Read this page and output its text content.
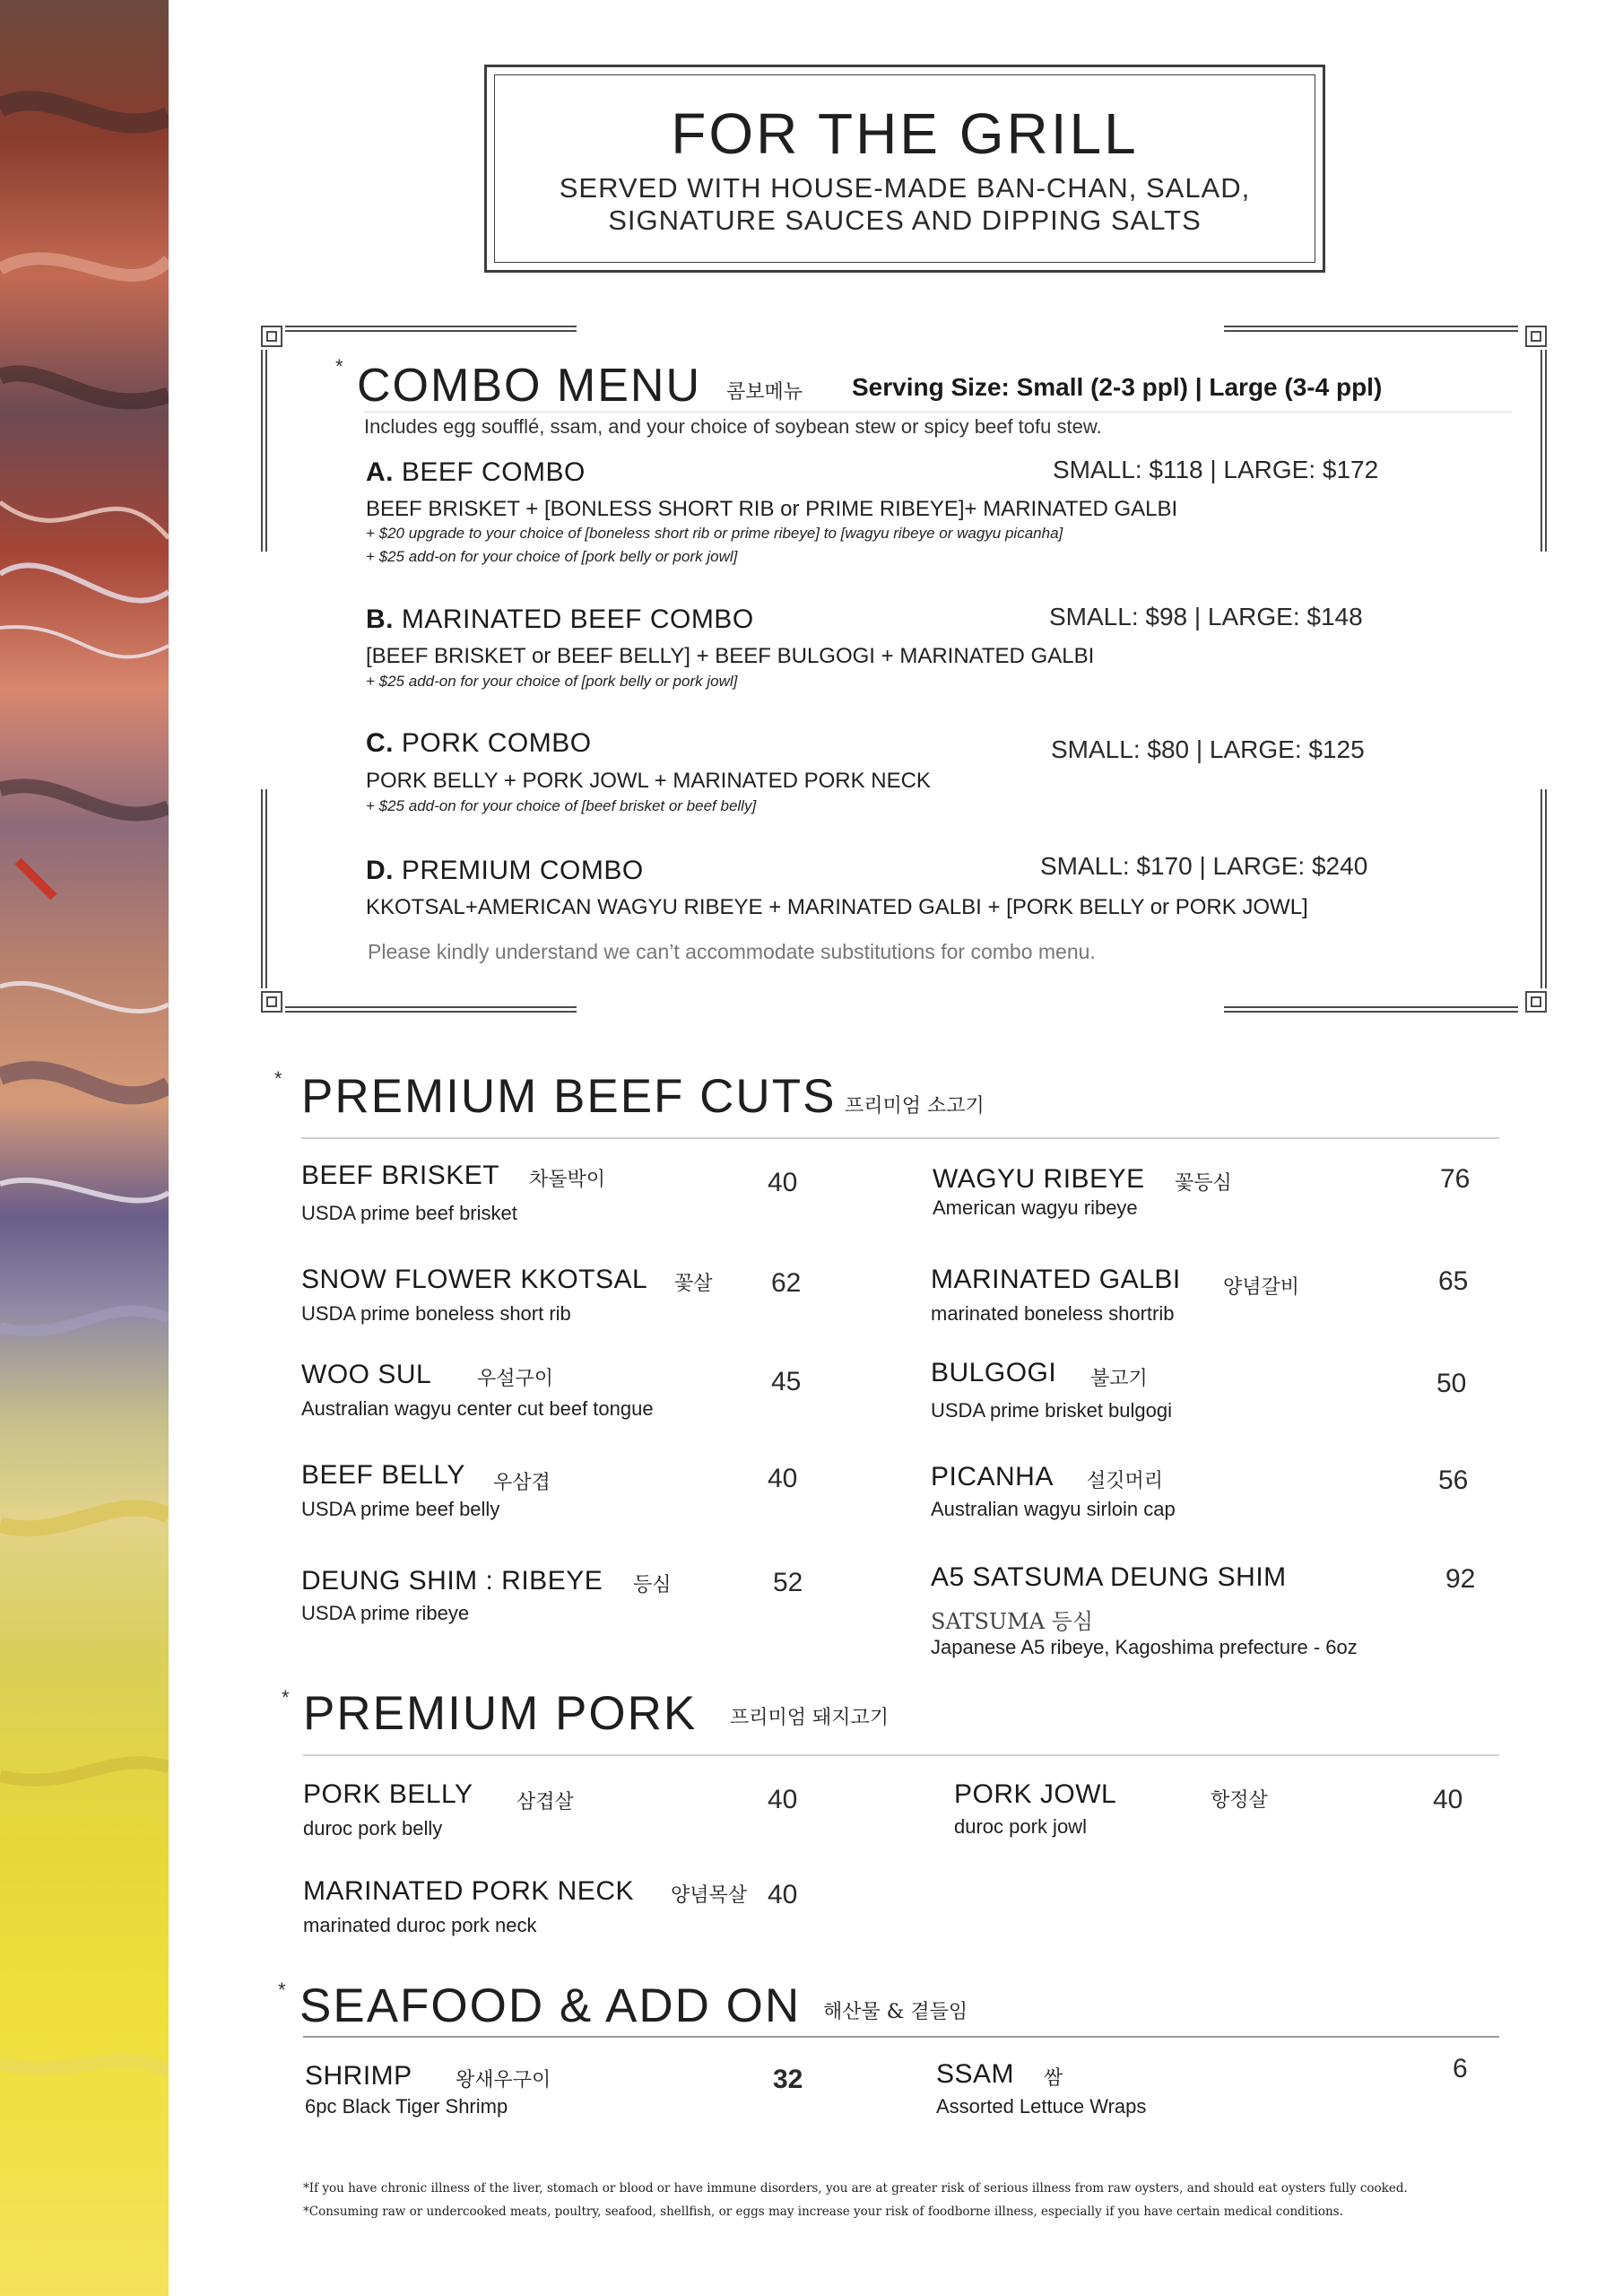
FOR THE GRILL
SERVED WITH HOUSE-MADE BAN-CHAN, SALAD,
SIGNATURE SAUCES AND DIPPING SALTS
* COMBO MENU 콤보메뉴 Serving Size: Small (2-3 ppl) | Large (3-4 ppl)
Includes egg soufflé, ssam, and your choice of soybean stew or spicy beef tofu stew.
A. BEEF COMBO	SMALL: $118 | LARGE: $172
BEEF BRISKET + [BONLESS SHORT RIB or PRIME RIBEYE]+ MARINATED GALBI
+ $20 upgrade to your choice of [boneless short rib or prime ribeye] to [wagyu ribeye or wagyu picanha]
+ $25 add-on for your choice of [pork belly or pork jowl]
B. MARINATED BEEF COMBO	SMALL: $98 | LARGE: $148
[BEEF BRISKET or BEEF BELLY] + BEEF BULGOGI + MARINATED GALBI
+ $25 add-on for your choice of [pork belly or pork jowl]
C. PORK COMBO	SMALL: $80 | LARGE: $125
PORK BELLY + PORK JOWL + MARINATED PORK NECK
+ $25 add-on for your choice of [beef brisket or beef belly]
D. PREMIUM COMBO	SMALL: $170 | LARGE: $240
KKOTSAL+AMERICAN WAGYU RIBEYE + MARINATED GALBI + [PORK BELLY or PORK JOWL]
Please kindly understand we can’t accommodate substitutions for combo menu.
* PREMIUM BEEF CUTS 프리미엄 소고기
BEEF BRISKET 차돌박이	40
USDA prime beef brisket
SNOW FLOWER KKOTSAL 꽃살 62
USDA prime boneless short rib
WOO SUL 우설구이	45
Australian wagyu center cut beef tongue
BEEF BELLY 우삼겹	40
USDA prime beef belly
DEUNG SHIM : RIBEYE 등심	52
USDA prime ribeye
WAGYU RIBEYE 꽃등심	76
American wagyu ribeye
MARINATED GALBI 양념갈비	65
marinated boneless shortrib
BULGOGI 불고기	50
USDA prime brisket bulgogi
PICANHA 설깃머리	56
Australian wagyu sirloin cap
A5 SATSUMA DEUNG SHIM	92
SATSUMA 등심
Japanese A5 ribeye, Kagoshima prefecture - 6oz
* PREMIUM PORK 프리미엄 돼지고기
PORK BELLY 삼겹살	40
duroc pork belly
PORK JOWL	항정살	40
duroc pork jowl
MARINATED PORK NECK 양념목살 40
marinated duroc pork neck
* SEAFOOD & ADD ON 해산물 & 곁들임
SHRIMP 왕새우구이	32
6pc Black Tiger Shrimp
SSAM 쌈	6
Assorted Lettuce Wraps
*If you have chronic illness of the liver, stomach or blood or have immune disorders, you are at greater risk of serious illness from raw oysters, and should eat oysters fully cooked.
*Consuming raw or undercooked meats, poultry, seafood, shellfish, or eggs may increase your risk of foodborne illness, especially if you have certain medical conditions.
